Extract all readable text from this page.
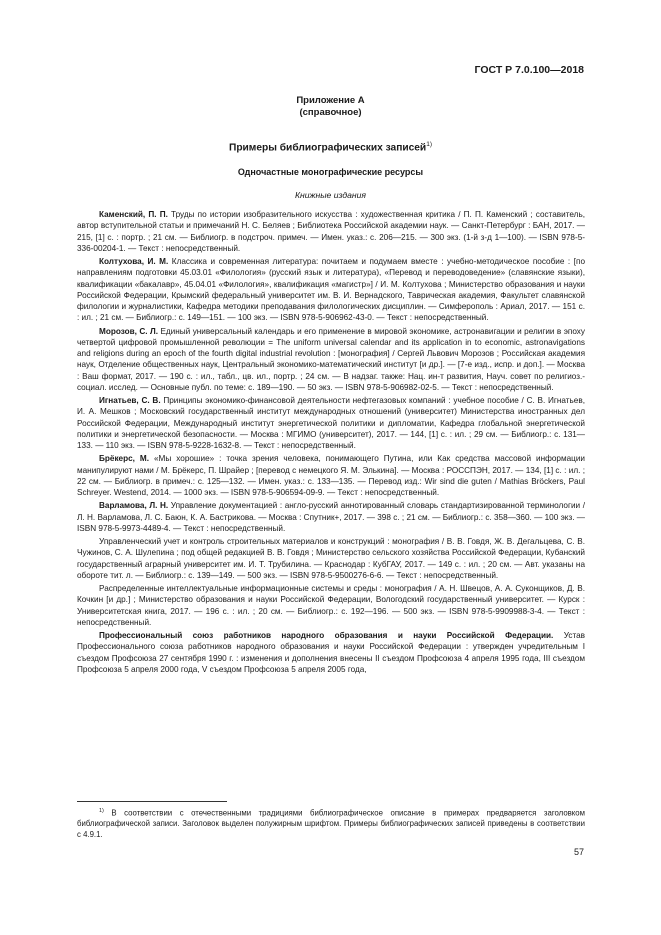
ГОСТ Р 7.0.100—2018
Приложение А
(справочное)
Примеры библиографических записей$^{1)}$
Одночастные монографические ресурсы
Книжные издания

Каменский, П. П. Труды по истории изобразительного искусства : художественная критика / П. П. Каменский ; составитель, автор вступительной статьи и примечаний Н. С. Беляев ; Библиотека Российской академии наук. — Санкт-Петербург : БАН, 2017. — 215, [1] с. : портр. ; 21 см. — Библиогр. в подстроч. примеч. — Имен. указ.: с. 206—215. — 300 экз. (1-й з-д 1—100). — ISBN 978-5-336-00204-1. — Текст : непосредственный.

Колтухова, И. М. Классика и современная литература: почитаем и подумаем вместе : учебно-методическое пособие : [по направлениям подготовки 45.03.01 «Филология» (русский язык и литература), «Перевод и переводоведение» (славянские языки), квалификации «бакалавр», 45.04.01 «Филология», квалификация «магистр»] / И. М. Колтухова ; Министерство образования и науки Российской Федерации, Крымский федеральный университет им. В. И. Вернадского, Таврическая академия, Факультет славянской филологии и журналистики, Кафедра методики преподавания филологических дисциплин. — Симферополь : Ариал, 2017. — 151 с. : ил. ; 21 см. — Библиогр.: с. 149—151. — 100 экз. — ISBN 978-5-906962-43-0. — Текст : непосредственный.

Морозов, С. Л. Единый универсальный календарь и его применение в мировой экономике, астронавигации и религии в эпоху четвертой цифровой промышленной революции = The uniform universal calendar and its application in to economic, astronavigations and religions during an epoch of the fourth digital industrial revolution : [монография] / Сергей Львович Морозов ; Российская академия наук, Отделение общественных наук, Центральный экономико-математический институт [и др.]. — [7-е изд., испр. и доп.]. — Москва : Ваш формат, 2017. — 190 с. : ил., табл., цв. ил., портр. ; 24 см. — В надзаг. также: Нац. ин-т развития, Науч. совет по религиоз.-социал. исслед. — Основные публ. по теме: с. 189—190. — 50 экз. — ISBN 978-5-906982-02-5. — Текст : непосредственный.

Игнатьев, С. В. Принципы экономико-финансовой деятельности нефтегазовых компаний : учебное пособие / С. В. Игнатьев, И. А. Мешков ; Московский государственный институт международных отношений (университет) Министерства иностранных дел Российской Федерации, Международный институт энергетической политики и дипломатии, Кафедра глобальной энергетической политики и энергетической безопасности. — Москва : МГИМО (университет), 2017. — 144, [1] с. : ил. ; 29 см. — Библиогр.: с. 131—133. — 110 экз. — ISBN 978-5-9228-1632-8. — Текст : непосредственный.

Брёкерс, М. «Мы хорошие» : точка зрения человека, понимающего Путина, или Как средства массовой информации манипулируют нами / М. Брёкерс, П. Шрайер ; [перевод с немецкого Я. М. Элькина]. — Москва : РОССПЭН, 2017. — 134, [1] с. : ил. ; 22 см. — Библиогр. в примеч.: с. 125—132. — Имен. указ.: с. 133—135. — Перевод изд.: Wir sind die guten / Mathias Bröckers, Paul Schreyer. Westend, 2014. — 1000 экз. — ISBN 978-5-906594-09-9. — Текст : непосредственный.

Варламова, Л. Н. Управление документацией : англо-русский аннотированный словарь стандартизированной терминологии / Л. Н. Варламова, Л. С. Баюн, К. А. Бастрикова. — Москва : Спутник+, 2017. — 398 с. ; 21 см. — Библиогр.: с. 358—360. — 100 экз. — ISBN 978-5-9973-4489-4. — Текст : непосредственный.

Управленческий учет и контроль строительных материалов и конструкций : монография / В. В. Говдя, Ж. В. Дегальцева, С. В. Чужинов, С. А. Шулепина ; под общей редакцией В. В. Говдя ; Министерство сельского хозяйства Российской Федерации, Кубанский государственный аграрный университет им. И. Т. Трубилина. — Краснодар : КубГАУ, 2017. — 149 с. : ил. ; 20 см. — Авт. указаны на обороте тит. л. — Библиогр.: с. 139—149. — 500 экз. — ISBN 978-5-9500276-6-6. — Текст : непосредственный.

Распределенные интеллектуальные информационные системы и среды : монография / А. Н. Швецов, А. А. Суконщиков, Д. В. Кочкин [и др.] ; Министерство образования и науки Российской Федерации, Вологодский государственный университет. — Курск : Университетская книга, 2017. — 196 с. : ил. ; 20 см. — Библиогр.: с. 192—196. — 500 экз. — ISBN 978-5-9909988-3-4. — Текст : непосредственный.

Профессиональный союз работников народного образования и науки Российской Федерации. Устав Профессионального союза работников народного образования и науки Российской Федерации : утвержден учредительным I съездом Профсоюза 27 сентября 1990 г. : изменения и дополнения внесены II съездом Профсоюза 4 апреля 1995 года, III съездом Профсоюза 5 апреля 2000 года, V съездом Профсоюза 5 апреля 2005 года,

$^{1)}$ В соответствии с отечественными традициями библиографическое описание в примерах предваряется заголовком библиографической записи. Заголовок выделен полужирным шрифтом. Примеры библиографических записей приведены в соответствии с 4.9.1.
57
